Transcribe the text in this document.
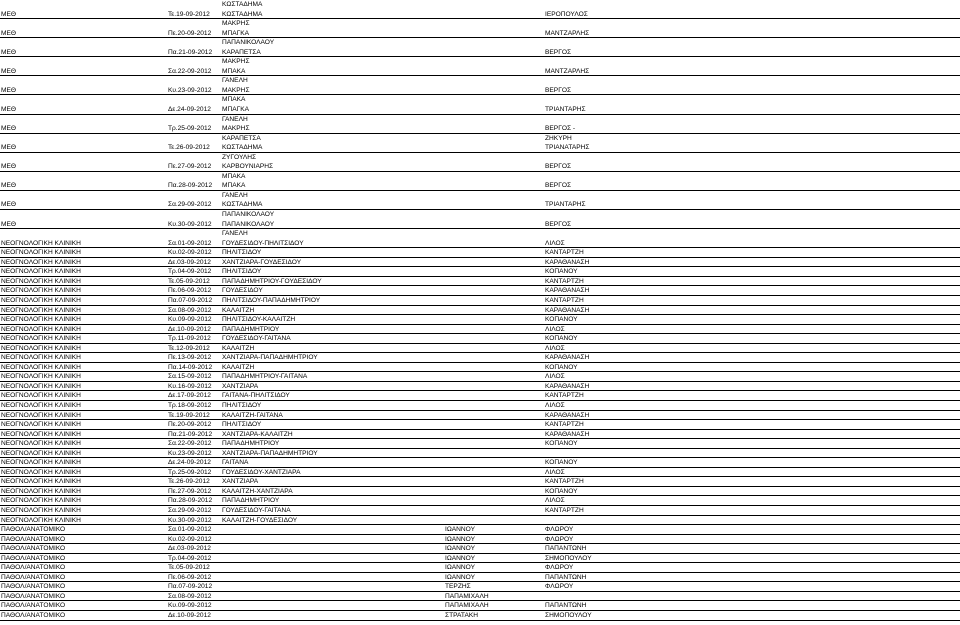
ΚΩΣΤΑΔΗΜΑ
ΜΕΘ	Τε.19-09-2012 ΚΩΣΤΑΔΗΜΑ	ΙΕΡΟΠΟΥΛΟΣ
ΜΑΚΡΗΣ
ΜΕΘ	Πε.20-09-2012 ΜΠΑΓΚΑ	ΜΑΝΤΖΑΡΛΗΣ
ΠΑΠΑΝΙΚΟΛΑΟΥ
ΜΕΘ	Πα.21-09-2012 ΚΑΡΑΠΕΤΣΑ	ΒΕΡΓΟΣ
ΜΑΚΡΗΣ
ΜΕΘ	Σα.22-09-2012 ΜΠΑΚΑ	ΜΑΝΤΖΑΡΛΗΣ
ΓΑΝΕΛΗ
ΜΕΘ	Κυ.23-09-2012 ΜΑΚΡΗΣ	ΒΕΡΓΟΣ
ΜΠΑΚΑ
ΜΕΘ	Δε.24-09-2012 ΜΠΑΓΚΑ	ΤΡΙΑΝΤΑΡΗΣ
ΓΑΝΕΛΗ
ΜΕΘ	Τρ.25-09-2012 ΜΑΚΡΗΣ	ΒΕΡΓΟΣ -
ΚΑΡΑΠΕΤΣΑ	ΖΗΚΥΡΗ
ΜΕΘ	Τε.26-09-2012 ΚΩΣΤΑΔΗΜΑ	ΤΡΙΑΝΑΤΑΡΗΣ
ΖΥΓΟΥΛΗΣ
ΜΕΘ	Πε.27-09-2012 ΚΑΡΒΟΥΝΙΑΡΗΣ	ΒΕΡΓΟΣ
ΜΠΑΚΑ
ΜΕΘ	Πα.28-09-2012 ΜΠΑΚΑ	ΒΕΡΓΟΣ
ΓΑΝΕΛΗ
ΜΕΘ	Σα.29-09-2012 ΚΩΣΤΑΔΗΜΑ	ΤΡΙΑΝΤΑΡΗΣ
ΠΑΠΑΝΙΚΟΛΑΟΥ
ΜΕΘ	Κυ.30-09-2012 ΠΑΠΑΝΙΚΟΛΑΟΥ	ΒΕΡΓΟΣ
ΓΑΝΕΛΗ
ΝΕΟΓΝΟΛΟΓΙΚΗ ΚΛΙΝΙΚΗ	Σα.01-09-2012 ΓΟΥΔΕΣΙΔΟΥ-ΠΗΛΙΤΣΙΔΟΥ	ΛΙΛΟΣ
ΝΕΟΓΝΟΛΟΓΙΚΗ ΚΛΙΝΙΚΗ	Κυ.02-09-2012 ΠΗΛΙΤΣΙΔΟΥ	ΚΑΝΤΑΡΤΖΗ
ΝΕΟΓΝΟΛΟΓΙΚΗ ΚΛΙΝΙΚΗ	Δε.03-09-2012 ΧΑΝΤΖΙΑΡΑ-ΓΟΥΔΕΣΙΔΟΥ	ΚΑΡΑΘΑΝΑΣΗ
ΝΕΟΓΝΟΛΟΓΙΚΗ ΚΛΙΝΙΚΗ	Τρ.04-09-2012 ΠΗΛΙΤΣΙΔΟΥ	ΚΟΠΑΝΟΥ
ΝΕΟΓΝΟΛΟΓΙΚΗ ΚΛΙΝΙΚΗ	Τε.05-09-2012 ΠΑΠΑΔΗΜΗΤΡΙΟΥ-ΓΟΥΔΕΣΙΔΟΥ	ΚΑΝΤΑΡΤΖΗ
ΝΕΟΓΝΟΛΟΓΙΚΗ ΚΛΙΝΙΚΗ	Πε.06-09-2012 ΓΟΥΔΕΣΙΔΟΥ	ΚΑΡΑΘΑΝΑΣΗ
ΝΕΟΓΝΟΛΟΓΙΚΗ ΚΛΙΝΙΚΗ	Πα.07-09-2012 ΠΗΛΙΤΣΙΔΟΥ-ΠΑΠΑΔΗΜΗΤΡΙΟΥ	ΚΑΝΤΑΡΤΖΗ
ΝΕΟΓΝΟΛΟΓΙΚΗ ΚΛΙΝΙΚΗ	Σα.08-09-2012 ΚΑΛΑΙΤΖΗ	ΚΑΡΑΘΑΝΑΣΗ
ΝΕΟΓΝΟΛΟΓΙΚΗ ΚΛΙΝΙΚΗ	Κυ.09-09-2012 ΠΗΛΙΤΣΙΔΟΥ-ΚΑΛΑΙΤΖΗ	ΚΟΠΑΝΟΥ
ΝΕΟΓΝΟΛΟΓΙΚΗ ΚΛΙΝΙΚΗ	Δε.10-09-2012 ΠΑΠΑΔΗΜΗΤΡΙΟΥ	ΛΙΛΟΣ
ΝΕΟΓΝΟΛΟΓΙΚΗ ΚΛΙΝΙΚΗ	Τρ.11-09-2012 ΓΟΥΔΕΣΙΔΟΥ-ΓΑΙΤΑΝΑ	ΚΟΠΑΝΟΥ
ΝΕΟΓΝΟΛΟΓΙΚΗ ΚΛΙΝΙΚΗ	Τε.12-09-2012 ΚΑΛΑΙΤΖΗ	ΛΙΛΟΣ
ΝΕΟΓΝΟΛΟΓΙΚΗ ΚΛΙΝΙΚΗ	Πε.13-09-2012 ΧΑΝΤΖΙΑΡΑ-ΠΑΠΑΔΗΜΗΤΡΙΟΥ	ΚΑΡΑΘΑΝΑΣΗ
ΝΕΟΓΝΟΛΟΓΙΚΗ ΚΛΙΝΙΚΗ	Πα.14-09-2012 ΚΑΛΑΙΤΖΗ	ΚΟΠΑΝΟΥ
ΝΕΟΓΝΟΛΟΓΙΚΗ ΚΛΙΝΙΚΗ	Σα.15-09-2012 ΠΑΠΑΔΗΜΗΤΡΙΟΥ-ΓΑΙΤΑΝΑ	ΛΙΛΟΣ
ΝΕΟΓΝΟΛΟΓΙΚΗ ΚΛΙΝΙΚΗ	Κυ.16-09-2012 ΧΑΝΤΖΙΑΡΑ	ΚΑΡΑΘΑΝΑΣΗ
ΝΕΟΓΝΟΛΟΓΙΚΗ ΚΛΙΝΙΚΗ	Δε.17-09-2012 ΓΑΙΤΑΝΑ-ΠΗΛΙΤΣΙΔΟΥ	ΚΑΝΤΑΡΤΖΗ
ΝΕΟΓΝΟΛΟΓΙΚΗ ΚΛΙΝΙΚΗ	Τρ.18-09-2012 ΠΗΛΙΤΣΙΔΟΥ	ΛΙΛΟΣ
ΝΕΟΓΝΟΛΟΓΙΚΗ ΚΛΙΝΙΚΗ	Τε.19-09-2012 ΚΑΛΑΙΤΖΗ-ΓΑΙΤΑΝΑ	ΚΑΡΑΘΑΝΑΣΗ
ΝΕΟΓΝΟΛΟΓΙΚΗ ΚΛΙΝΙΚΗ	Πε.20-09-2012 ΠΗΛΙΤΣΙΔΟΥ	ΚΑΝΤΑΡΤΖΗ
ΝΕΟΓΝΟΛΟΓΙΚΗ ΚΛΙΝΙΚΗ	Πα.21-09-2012 ΧΑΝΤΖΙΑΡΑ-ΚΑΛΑΙΤΖΗ	ΚΑΡΑΘΑΝΑΣΗ
ΝΕΟΓΝΟΛΟΓΙΚΗ ΚΛΙΝΙΚΗ	Σα.22-09-2012 ΠΑΠΑΔΗΜΗΤΡΙΟΥ	ΚΟΠΑΝΟΥ
ΝΕΟΓΝΟΛΟΓΙΚΗ ΚΛΙΝΙΚΗ	Κυ.23-09-2012 ΧΑΝΤΖΙΑΡΑ-ΠΑΠΑΔΗΜΗΤΡΙΟΥ
ΝΕΟΓΝΟΛΟΓΙΚΗ ΚΛΙΝΙΚΗ	Δε.24-09-2012 ΓΑΙΤΑΝΑ	ΚΟΠΑΝΟΥ
ΝΕΟΓΝΟΛΟΓΙΚΗ ΚΛΙΝΙΚΗ	Τρ.25-09-2012 ΓΟΥΔΕΣΙΔΟΥ-ΧΑΝΤΖΙΑΡΑ	ΛΙΛΟΣ
ΝΕΟΓΝΟΛΟΓΙΚΗ ΚΛΙΝΙΚΗ	Τε.26-09-2012 ΧΑΝΤΖΙΑΡΑ	ΚΑΝΤΑΡΤΖΗ
ΝΕΟΓΝΟΛΟΓΙΚΗ ΚΛΙΝΙΚΗ	Πε.27-09-2012 ΚΑΛΑΙΤΖΗ-ΧΑΝΤΖΙΑΡΑ	ΚΟΠΑΝΟΥ
ΝΕΟΓΝΟΛΟΓΙΚΗ ΚΛΙΝΙΚΗ	Πα.28-09-2012 ΠΑΠΑΔΗΜΗΤΡΙΟΥ	ΛΙΛΟΣ
ΝΕΟΓΝΟΛΟΓΙΚΗ ΚΛΙΝΙΚΗ	Σα.29-09-2012 ΓΟΥΔΕΣΙΔΟΥ-ΓΑΙΤΑΝΑ	ΚΑΝΤΑΡΤΖΗ
ΝΕΟΓΝΟΛΟΓΙΚΗ ΚΛΙΝΙΚΗ	Κυ.30-09-2012 ΚΑΛΑΙΤΖΗ-ΓΟΥΔΕΣΙΔΟΥ
ΠΑΘΟΛ/ΑΝΑΤΟΜΙΚΟ	Σα.01-09-2012	ΙΩΑΝΝΟΥ	ΦΛΩΡΟΥ
ΠΑΘΟΛ/ΑΝΑΤΟΜΙΚΟ	Κυ.02-09-2012	ΙΩΑΝΝΟΥ	ΦΛΩΡΟΥ
ΠΑΘΟΛ/ΑΝΑΤΟΜΙΚΟ	Δε.03-09-2012	ΙΩΑΝΝΟΥ	ΠΑΠΑΝΤΩΝΗ
ΠΑΘΟΛ/ΑΝΑΤΟΜΙΚΟ	Τρ.04-09-2012	ΙΩΑΝΝΟΥ	ΣΗΜΟΠΟΥΛΟΥ
ΠΑΘΟΛ/ΑΝΑΤΟΜΙΚΟ	Τε.05-09-2012	ΙΩΑΝΝΟΥ	ΦΛΩΡΟΥ
ΠΑΘΟΛ/ΑΝΑΤΟΜΙΚΟ	Πε.06-09-2012	ΙΩΑΝΝΟΥ	ΠΑΠΑΝΤΩΝΗ
ΠΑΘΟΛ/ΑΝΑΤΟΜΙΚΟ	Πα.07-09-2012	ΤΕΡΖΗΣ	ΦΛΩΡΟΥ
ΠΑΘΟΛ/ΑΝΑΤΟΜΙΚΟ	Σα.08-09-2012	ΠΑΠΑΜΙΧΑΛΗ
ΠΑΘΟΛ/ΑΝΑΤΟΜΙΚΟ	Κυ.09-09-2012	ΠΑΠΑΜΙΧΑΛΗ	ΠΑΠΑΝΤΩΝΗ
ΠΑΘΟΛ/ΑΝΑΤΟΜΙΚΟ	Δε.10-09-2012	ΣΤΡΑΤΑΚΗ	ΣΗΜΟΠΟΥΛΟΥ
